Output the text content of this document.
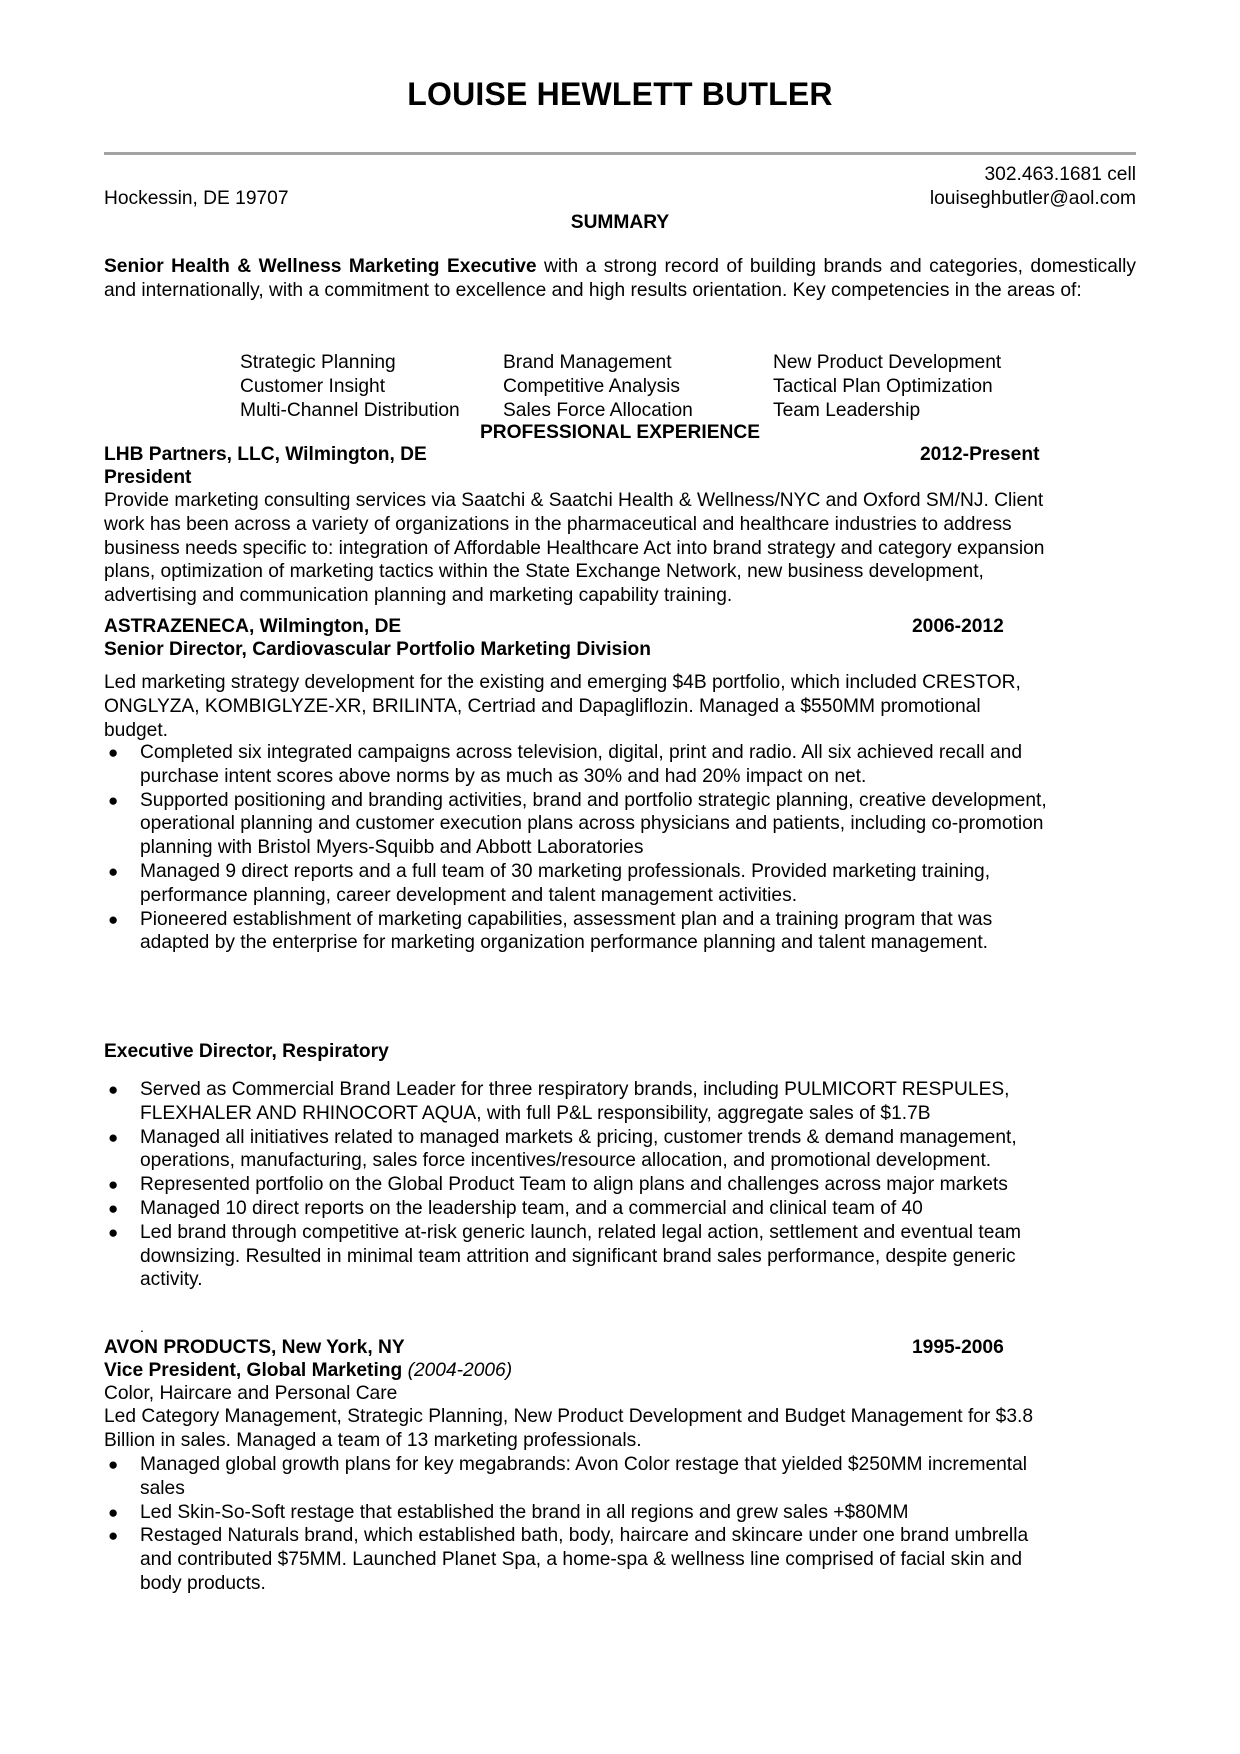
LOUISE HEWLETT BUTLER
302.463.1681 cell
Hockessin, DE 19707	louiseghbutler@aol.com
SUMMARY
Senior Health & Wellness Marketing Executive with a strong record of building brands and categories, domestically and internationally, with a commitment to excellence and high results orientation. Key competencies in the areas of:
Strategic Planning	Brand Management	New Product Development
Customer Insight	Competitive Analysis	Tactical Plan Optimization
Multi-Channel Distribution	Sales Force Allocation	Team Leadership
PROFESSIONAL EXPERIENCE
LHB Partners, LLC, Wilmington, DE	2012-Present
President
Provide marketing consulting services via Saatchi & Saatchi Health & Wellness/NYC and Oxford SM/NJ. Client
work has been across a variety of organizations in the pharmaceutical and healthcare industries to address
business needs specific to: integration of Affordable Healthcare Act into brand strategy and category expansion
plans, optimization of marketing tactics within the State Exchange Network, new business development,
advertising and communication planning and marketing capability training.
ASTRAZENECA, Wilmington, DE	2006-2012
Senior Director, Cardiovascular Portfolio Marketing Division
Led marketing strategy development for the existing and emerging $4B portfolio, which included CRESTOR,
ONGLYZA, KOMBIGLYZE-XR, BRILINTA, Certriad and Dapagliflozin. Managed a $550MM promotional
budget.
● Completed six integrated campaigns across television, digital, print and radio. All six achieved recall and
purchase intent scores above norms by as much as 30% and had 20% impact on net.
● Supported positioning and branding activities, brand and portfolio strategic planning, creative development,
operational planning and customer execution plans across physicians and patients, including co-promotion
planning with Bristol Myers-Squibb and Abbott Laboratories
● Managed 9 direct reports and a full team of 30 marketing professionals. Provided marketing training,
performance planning, career development and talent management activities.
● Pioneered establishment of marketing capabilities, assessment plan and a training program that was
adapted by the enterprise for marketing organization performance planning and talent management.
Executive Director, Respiratory
● Served as Commercial Brand Leader for three respiratory brands, including PULMICORT RESPULES,
FLEXHALER AND RHINOCORT AQUA, with full P&L responsibility, aggregate sales of $1.7B
● Managed all initiatives related to managed markets & pricing, customer trends & demand management,
operations, manufacturing, sales force incentives/resource allocation, and promotional development.
● Represented portfolio on the Global Product Team to align plans and challenges across major markets
● Managed 10 direct reports on the leadership team, and a commercial and clinical team of 40
● Led brand through competitive at-risk generic launch, related legal action, settlement and eventual team
downsizing. Resulted in minimal team attrition and significant brand sales performance, despite generic
activity.
.
AVON PRODUCTS, New York, NY	1995-2006
Vice President, Global Marketing (2004-2006)
Color, Haircare and Personal Care
Led Category Management, Strategic Planning, New Product Development and Budget Management for $3.8
Billion in sales. Managed a team of 13 marketing professionals.
● Managed global growth plans for key megabrands: Avon Color restage that yielded $250MM incremental
sales
● Led Skin-So-Soft restage that established the brand in all regions and grew sales +$80MM
● Restaged Naturals brand, which established bath, body, haircare and skincare under one brand umbrella
and contributed $75MM. Launched Planet Spa, a home-spa & wellness line comprised of facial skin and
body products.
